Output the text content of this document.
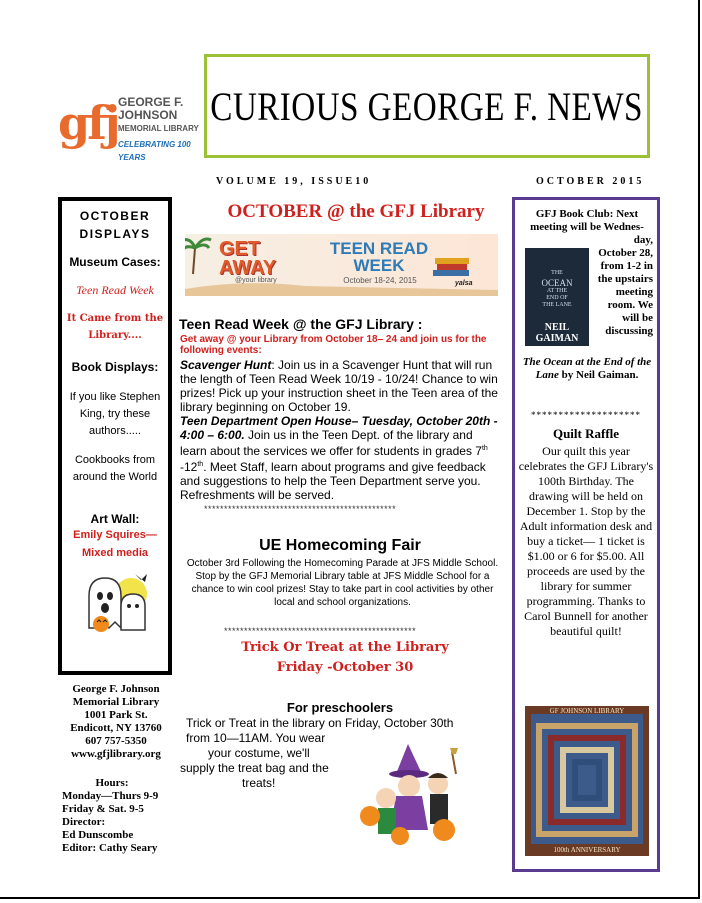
gfj GEORGE F.
JOHNSON
MEMORIAL LIBRARY
CELEBRATING 100 YEARS
CURIOUS GEORGE F. NEWS
VOLUME 19, ISSUE10	OCTOBER 2015
OCTOBER DISPLAYS
Museum Cases:
Teen Read Week
It Came from the Library....
Book Displays:
If you like Stephen King, try these authors.....
Cookbooks from around the World
Art Wall:
Emily Squires— Mixed media
George F. Johnson Memorial Library
1001 Park St.
Endicott, NY 13760
607 757-5350
www.gfjlibrary.org
Hours:
Monday—Thurs 9-9
Friday & Sat. 9-5
Director:
Ed Dunscombe
Editor: Cathy Seary
OCTOBER @ the GFJ Library
GET
AWAY
@your library
TEEN READ
WEEK
October 18-24, 2015	yalsa
Teen Read Week @ the GFJ Library :
Get away @ your Library from October 18– 24 and join us for the following events:
Scavenger Hunt: Join us in a Scavenger Hunt that will run the length of Teen Read Week 10/19 - 10/24! Chance to win prizes! Pick up your instruction sheet in the Teen area of the library beginning on October 19.
Teen Department Open House– Tuesday, October 20th - 4:00 – 6:00. Join us in the Teen Dept. of the library and learn about the services we offer for students in grades 7th -12th. Meet Staff, learn about programs and give feedback and suggestions to help the Teen Department serve you. Refreshments will be served.
************************************************
UE Homecoming Fair
October 3rd Following the Homecoming Parade at JFS Middle School. Stop by the GFJ Memorial Library table at JFS Middle School for a chance to win cool prizes! Stay to take part in cool activities by other local and school organizations.
************************************************
Trick Or Treat at the Library
Friday -October 30
For preschoolers
Trick or Treat in the library on Friday, October 30th
from 10—11AM. You wear
your costume, we'll
supply the treat bag and the
treats!
GFJ Book Club: Next meeting will be Wednes-
day,
October 28,
from 1-2 in
the upstairs
meeting
room. We
will be
discussing
THE
OCEAN
AT THE
END OF
THE LANE
NEIL GAIMAN
The Ocean at the End of the Lane by Neil Gaiman.
********************
Quilt Raffle
Our quilt this year celebrates the GFJ Library's 100th Birthday. The drawing will be held on December 1. Stop by the Adult information desk and buy a ticket— 1 ticket is $1.00 or 6 for $5.00. All proceeds are used by the library for summer programming. Thanks to Carol Bunnell for another beautiful quilt!
GF JOHNSON LIBRARY
100th ANNIVERSARY
